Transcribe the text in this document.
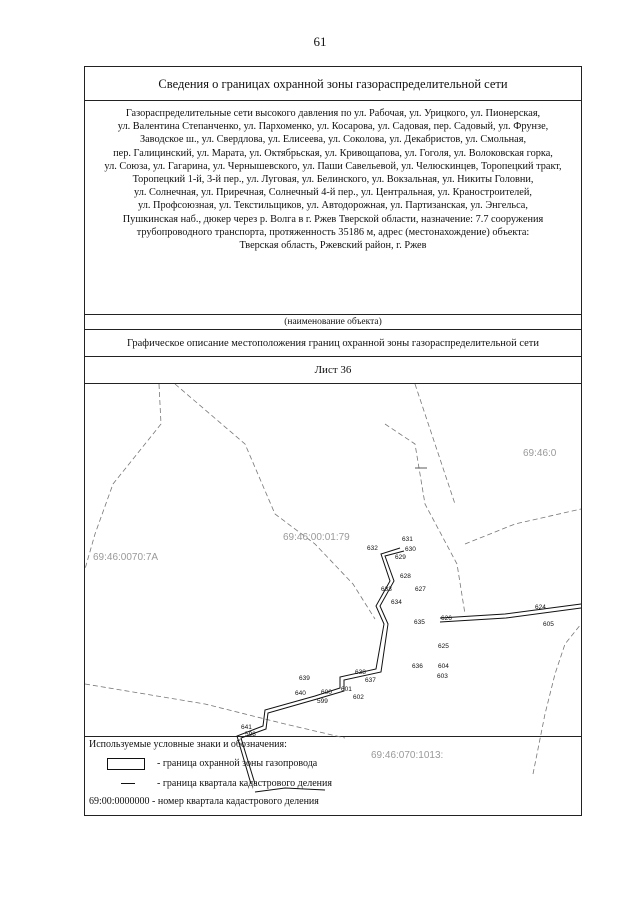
61
Сведения о границах охранной зоны газораспределительной сети
Газораспределительные сети высокого давления по ул. Рабочая, ул. Урицкого, ул. Пионерская,
ул. Валентина Степанченко, ул. Пархоменко, ул. Косарова, ул. Садовая, пер. Садовый, ул. Фрунзе,
Заводское ш., ул. Свердлова, ул. Елисеева, ул. Соколова, ул. Декабристов, ул. Смольная,
пер. Галицинский, ул. Марата, ул. Октябрьская, ул. Кривощапова, ул. Гоголя, ул. Волоковская горка,
ул. Союза, ул. Гагарина, ул. Чернышевского, ул. Паши Савельевой, ул. Челюскинцев, Торопецкий тракт,
Торопецкий 1-й, 3-й пер., ул. Луговая, ул. Белинского, ул. Вокзальная, ул. Никиты Головни,
ул. Солнечная, ул. Приречная, Солнечный 4-й пер., ул. Центральная, ул. Краностроителей,
ул. Профсоюзная, ул. Текстильщиков, ул. Автодорожная, ул. Партизанская, ул. Энгельса,
Пушкинская наб., дюкер через р. Волга в г. Ржев Тверской области, назначение: 7.7 сооружения
трубопроводного транспорта, протяженность 35186 м, адрес (местонахождение) объекта:
Тверская область, Ржевский район, г. Ржев
(наименование объекта)
Графическое описание местоположения границ охранной зоны газораспределительной сети
Лист 36
69:46:0
69:46:00:01:79
69:46:0070:7A
69:46:070:1013:
631
630
632
629
628
627
633
634
626
635
624
605
625
636 604
603
638
639	637
601
640 600
602
599
641
598
Используемые условные знаки и обозначения:
- граница охранной зоны газопровода
- граница квартала кадастрового деления
69:00:0000000 - номер квартала кадастрового деления
